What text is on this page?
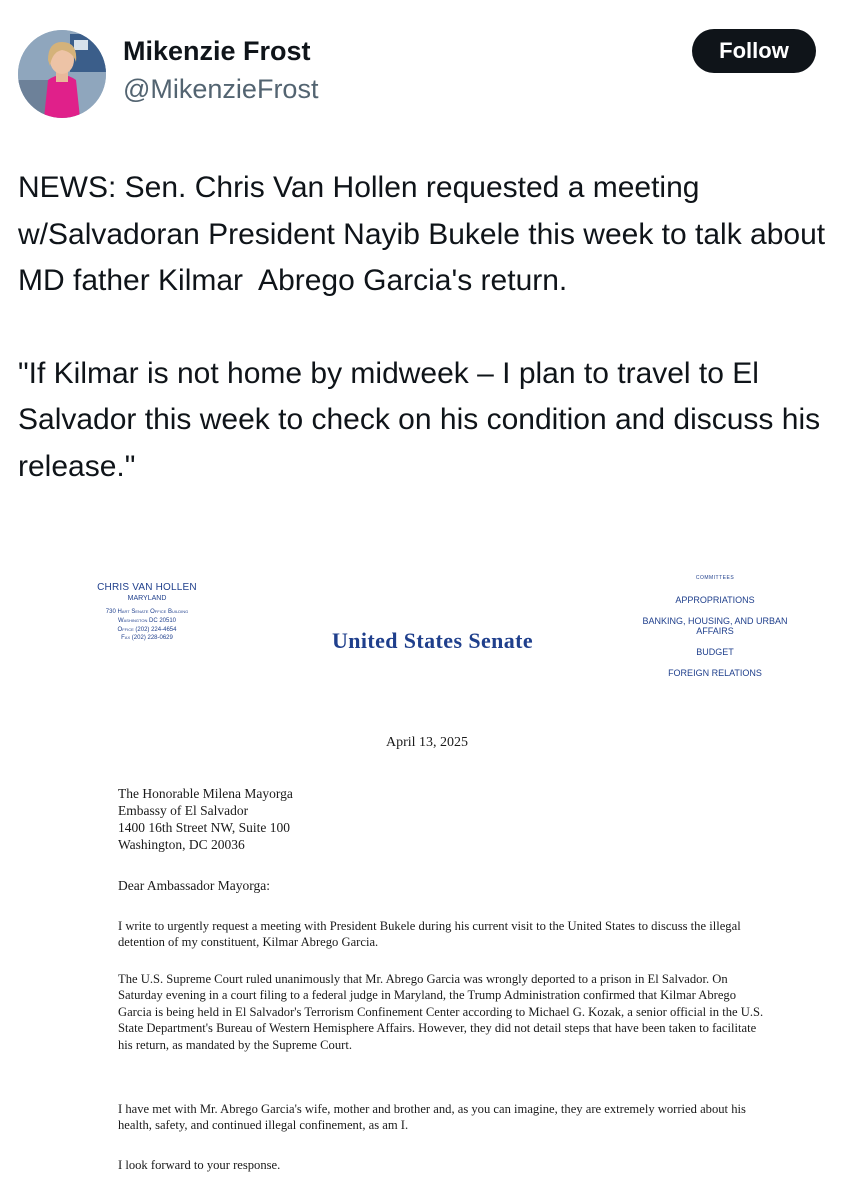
Mikenzie Frost
@MikenzieFrost
Follow

NEWS: Sen. Chris Van Hollen requested a meeting w/Salvadoran President Nayib Bukele this week to talk about MD father Kilmar  Abrego Garcia's return.

"If Kilmar is not home by midweek – I plan to travel to El Salvador this week to check on his condition and discuss his release."

CHRIS VAN HOLLEN
MARYLAND
730 Hart Senate Office Building
Washington DC 20510
Office (202) 224-4654
Fax (202) 228-0629	United States Senate
COMMITTEES
APPROPRIATIONS
BANKING, HOUSING, AND URBAN AFFAIRS
BUDGET
FOREIGN RELATIONS
April 13, 2025
The Honorable Milena Mayorga
Embassy of El Salvador
1400 16th Street NW, Suite 100
Washington, DC 20036
Dear Ambassador Mayorga:

I write to urgently request a meeting with President Bukele during his current visit to the United States to discuss the illegal detention of my constituent, Kilmar Abrego Garcia.

The U.S. Supreme Court ruled unanimously that Mr. Abrego Garcia was wrongly deported to a prison in El Salvador. On Saturday evening in a court filing to a federal judge in Maryland, the Trump Administration confirmed that Kilmar Abrego Garcia is being held in El Salvador's Terrorism Confinement Center according to Michael G. Kozak, a senior official in the U.S. State Department's Bureau of Western Hemisphere Affairs. However, they did not detail steps that have been taken to facilitate his return, as mandated by the Supreme Court.

I have met with Mr. Abrego Garcia's wife, mother and brother and, as you can imagine, they are extremely worried about his health, safety, and continued illegal confinement, as am I.

I look forward to your response.
